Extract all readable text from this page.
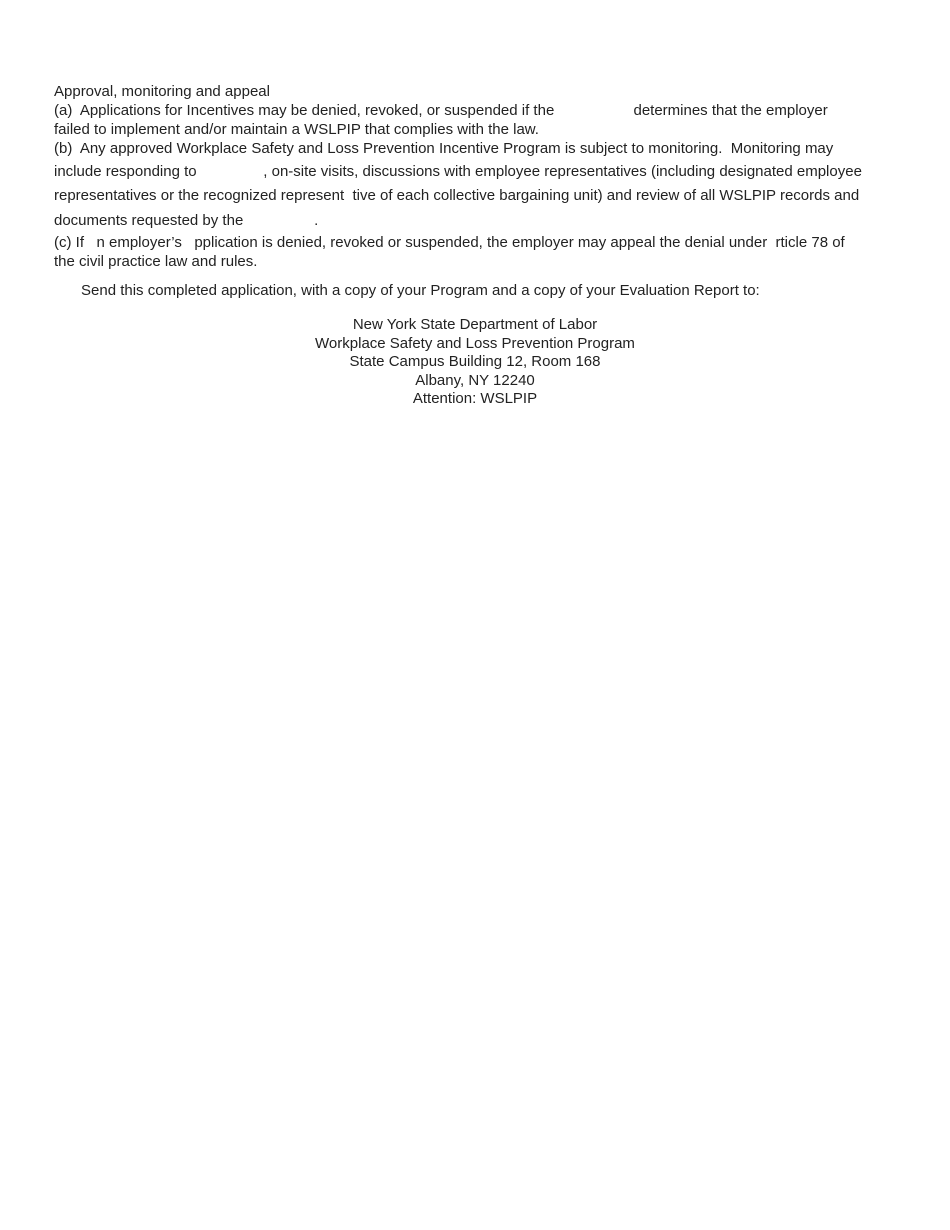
Approval, monitoring and appeal
(a)  Applications for Incentives may be denied, revoked, or suspended if the                   determines that the employer
failed to implement and/or maintain a WSLPIP that complies with the law.
(b)  Any approved Workplace Safety and Loss Prevention Incentive Program is subject to monitoring.  Monitoring may
include responding to                , on-site visits, discussions with employee representatives (including designated employee
representatives or the recognized represent  tive of each collective bargaining unit) and review of all WSLPIP records and
documents requested by the                 .
(c) If   n employer’s   pplication is denied, revoked or suspended, the employer may appeal the denial under  rticle 78 of
the civil practice law and rules.
Send this completed application, with a copy of your Program and a copy of your Evaluation Report to:
New York State Department of Labor
Workplace Safety and Loss Prevention Program
State Campus Building 12, Room 168
Albany, NY 12240
Attention: WSLPIP
